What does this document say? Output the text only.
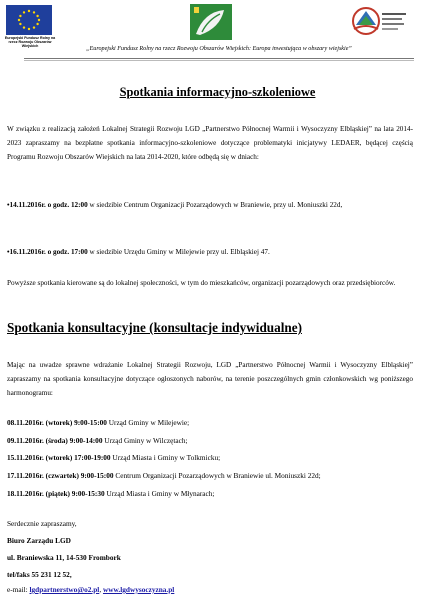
Europejski Fundusz Rolny na rzecz Rozwoju Obszarów Wiejskich	„Europejski Fundusz Rolny na rzecz Rozwoju Obszarów Wiejskich: Europa inwestująca w obszary wiejskie”
Spotkania informacyjno-szkoleniowe

W związku z realizacją założeń Lokalnej Strategii Rozwoju LGD „Partnerstwo Północnej Warmii i Wysoczyzny Elbląskiej” na lata 2014-2023 zapraszamy na bezpłatne spotkania informacyjno-szkoleniowe dotyczące problematyki inicjatywy LEDAER, będącej częścią Programu Rozwoju Obszarów Wiejskich na lata 2014-2020, które odbędą się w dniach:

•14.11.2016r. o godz. 12:00 w siedzibie Centrum Organizacji Pozarządowych w Braniewie, przy ul. Moniuszki 22d,

•16.11.2016r. o godz. 17:00 w siedzibie Urzędu Gminy w Milejewie przy ul. Elbląskiej 47.

Powyższe spotkania kierowane są do lokalnej społeczności, w tym do mieszkańców, organizacji pozarządowych oraz przedsiębiorców.

Spotkania konsultacyjne (konsultacje indywidualne)

Mając na uwadze sprawne wdrażanie Lokalnej Strategii Rozwoju, LGD „Partnerstwo Północnej Warmii i Wysoczyzny Elbląskiej” zapraszamy na spotkania konsultacyjne dotyczące ogłoszonych naborów, na terenie poszczególnych gmin członkowskich wg poniższego harmonogramu:

08.11.2016r. (wtorek) 9:00-15:00 Urząd Gminy w Milejewie;
09.11.2016r. (środa) 9:00-14:00 Urząd Gminy w Wilczętach;
15.11.2016r. (wtorek) 17:00-19:00 Urząd Miasta i Gminy w Tolkmicku;
17.11.2016r. (czwartek) 9:00-15:00 Centrum Organizacji Pozarządowych w Braniewie ul. Moniuszki 22d;
18.11.2016r. (piątek) 9:00-15:30 Urząd Miasta i Gminy w Młynarach;
Serdecznie zapraszamy,
Biuro Zarządu LGD
ul. Braniewska 11, 14-530 Frombork
tel/faks 55 231 12 52,
e-mail: lgdpartnerstwo@o2.pl, www.lgdwysoczyzna.pl
